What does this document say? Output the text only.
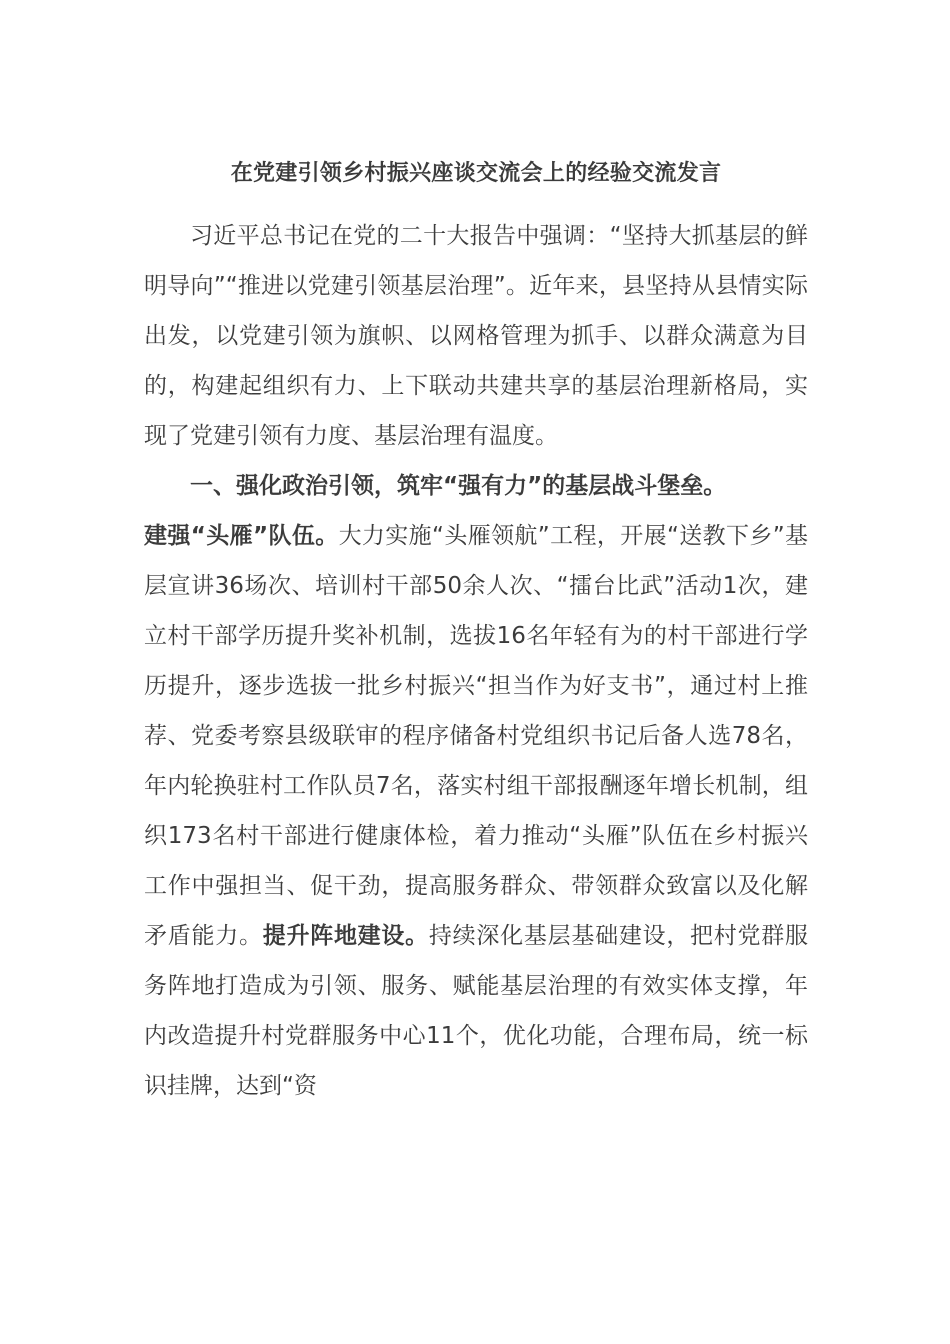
在党建引领乡村振兴座谈交流会上的经验交流发言

习近平总书记在党的二十大报告中强调：“坚持大抓基层的鲜明导向”“推进以党建引领基层治理”。近年来，县坚持从县情实际出发，以党建引领为旗帜、以网格管理为抓手、以群众满意为目的，构建起组织有力、上下联动共建共享的基层治理新格局，实现了党建引领有力度、基层治理有温度。

一、强化政治引领，筑牢“强有力”的基层战斗堡垒。

建强“头雁”队伍。大力实施“头雁领航”工程，开展“送教下乡”基层宣讲36场次、培训村干部50余人次、“擂台比武”活动1次，建立村干部学历提升奖补机制，选拔16名年轻有为的村干部进行学历提升，逐步选拔一批乡村振兴“担当作为好支书”，通过村上推荐、党委考察县级联审的程序储备村党组织书记后备人选78名，年内轮换驻村工作队员7名，落实村组干部报酬逐年增长机制，组织173名村干部进行健康体检，着力推动“头雁”队伍在乡村振兴工作中强担当、促干劲，提高服务群众、带领群众致富以及化解矛盾能力。提升阵地建设。持续深化基层基础建设，把村党群服务阵地打造成为引领、服务、赋能基层治理的有效实体支撑，年内改造提升村党群服务中心11个，优化功能，合理布局，统一标识挂牌，达到“资
